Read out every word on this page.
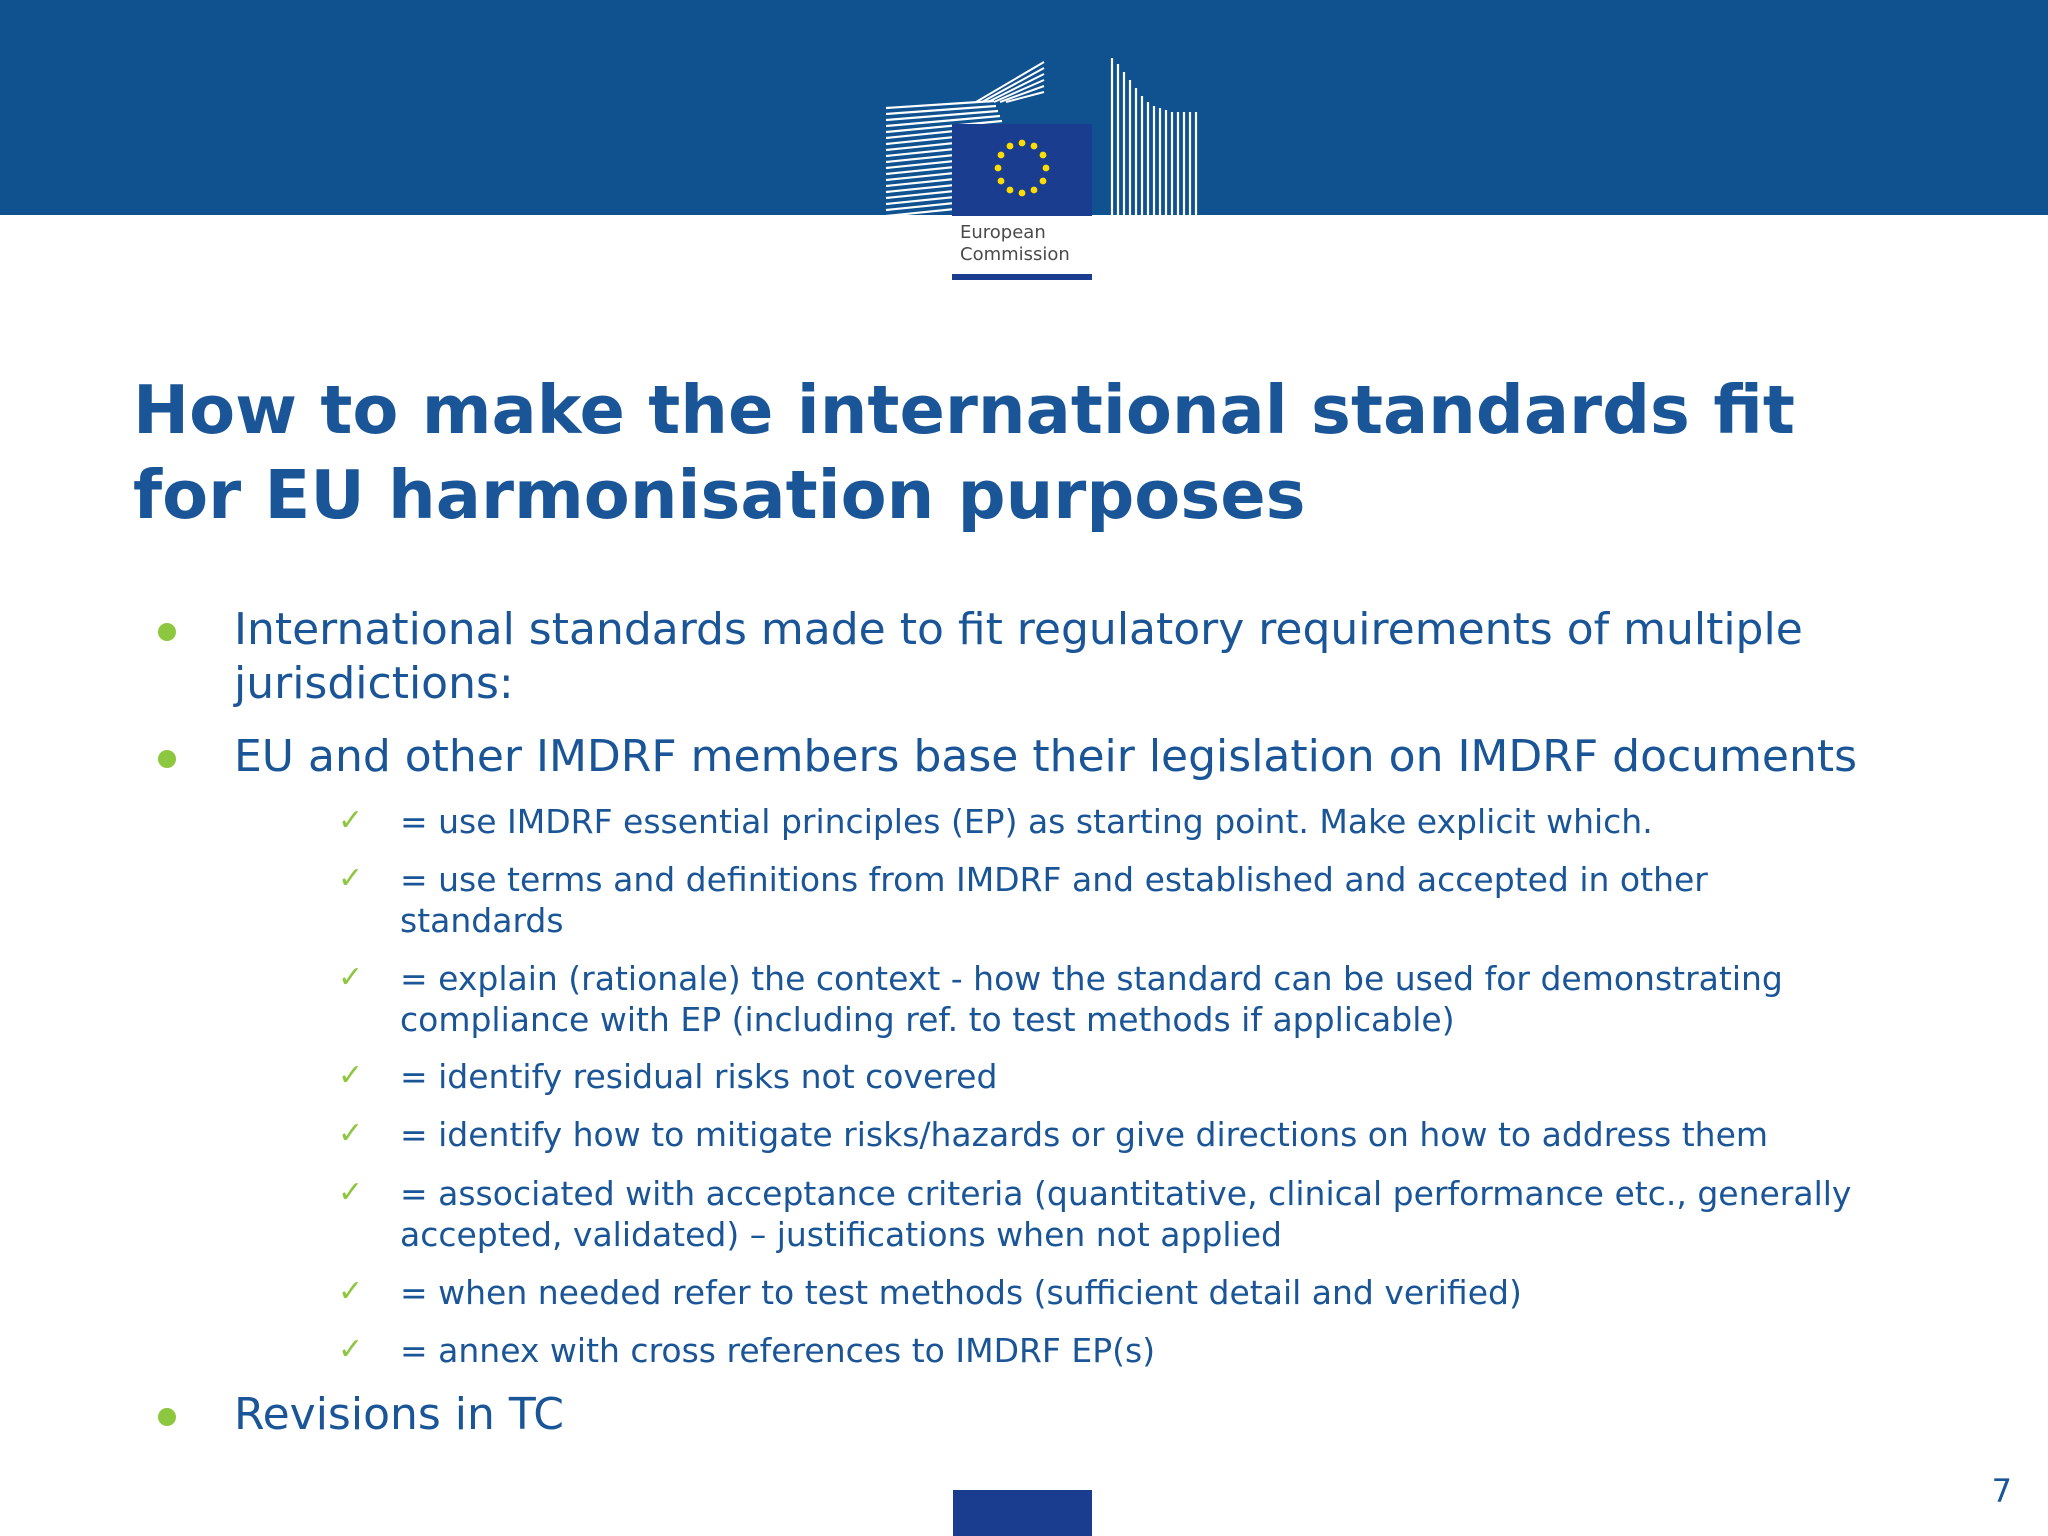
European
Commission
How to make the international standards fit
for EU harmonisation purposes
International standards made to fit regulatory requirements of multiple
jurisdictions:
EU and other IMDRF members base their legislation on IMDRF documents
✓ = use IMDRF essential principles (EP) as starting point. Make explicit which.
✓ = use terms and definitions from IMDRF and established and accepted in other
standards
✓ = explain (rationale) the context - how the standard can be used for demonstrating
compliance with EP (including ref. to test methods if applicable)
✓ = identify residual risks not covered
✓ = identify how to mitigate risks/hazards or give directions on how to address them
✓ = associated with acceptance criteria (quantitative, clinical performance etc., generally
accepted, validated) – justifications when not applied
✓ = when needed refer to test methods (sufficient detail and verified)
✓ = annex with cross references to IMDRF EP(s)
Revisions in TC
7
